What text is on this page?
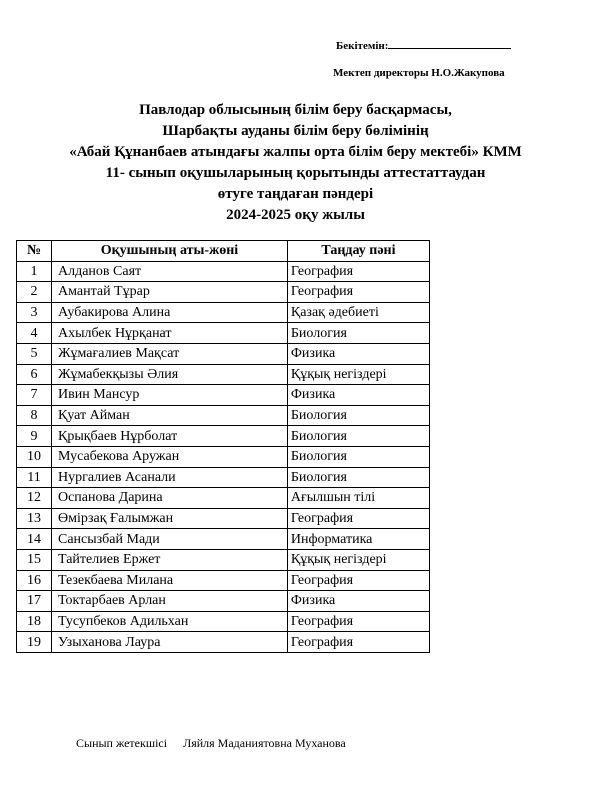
Бекітемін:
Мектеп директоры Н.О.Жакупова
Павлодар облысының білім беру басқармасы,
Шарбақты ауданы білім беру бөлімінің
«Абай Құнанбаев атындағы жалпы орта білім беру мектебі» КММ
11- сынып оқушыларының қорытынды аттестаттаудан
өтуге таңдаған пәндері
2024-2025 оқу жылы
№	Оқушының аты-жөні	Таңдау пәні
1	Алданов Саят	География
2	Амантай Тұрар	География
3	Аубакирова Алина	Қазақ әдебиеті
4	Ахылбек Нұрқанат	Биология
5	Жұмағалиев Мақсат	Физика
6	Жұмабекқызы Әлия	Құқық негіздері
7	Ивин Мансур	Физика
8	Қуат Айман	Биология
9	Қрықбаев Нұрболат	Биология
10	Мусабекова Аружан	Биология
11	Нургалиев Асанали	Биология
12	Оспанова Дарина	Ағылшын тілі
13	Өмірзақ Ғалымжан	География
14	Сансызбай Мади	Информатика
15	Тайтелиев Ержет	Құқық негіздері
16	Тезекбаева Милана	География
17	Токтарбаев Арлан	Физика
18	Тусупбеков Адильхан	География
19	Узыханова Лаура	География
Сынып жетекшісі Ляйля Маданиятовна Муханова
